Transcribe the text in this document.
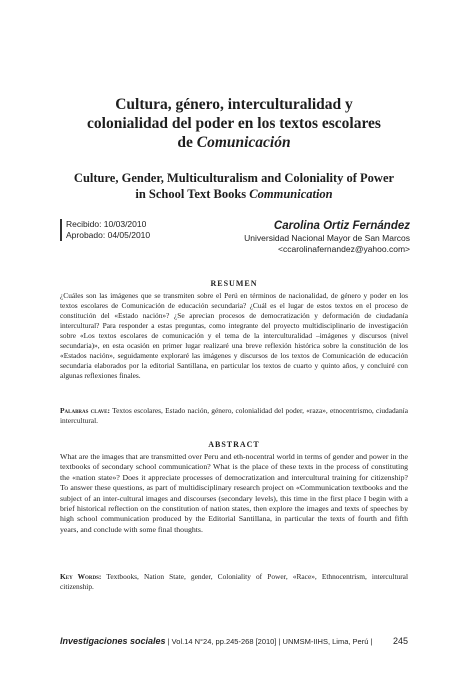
Cultura, género, interculturalidad y
colonialidad del poder en los textos escolares
de Comunicación
Culture, Gender, Multiculturalism and Coloniality of Power
in School Text Books Communication
Recibido: 10/03/2010
Aprobado: 04/05/2010
Carolina Ortiz Fernández
Universidad Nacional Mayor de San Marcos
<ccarolinafernandez@yahoo.com>
RESUMEN
¿Cuáles son las imágenes que se transmiten sobre el Perú en términos de nacionalidad, de género y poder en los textos escolares de Comunicación de educación secundaria? ¿Cuál es el lugar de estos textos en el proceso de constitución del «Estado nación»? ¿Se aprecian procesos de democratización y deformación de ciudadanía intercultural? Para responder a estas preguntas, como integrante del proyecto multidisciplinario de investigación sobre «Los textos escolares de comunicación y el tema de la interculturalidad –imágenes y discursos (nivel secundaria)», en esta ocasión en primer lugar realizaré una breve reflexión histórica sobre la constitución de los «Estados nación», seguidamente exploraré las imágenes y discursos de los textos de Comunicación de educación secundaria elaborados por la editorial Santillana, en particular los textos de cuarto y quinto años, y concluiré con algunas reflexiones finales.
Palabras clave: Textos escolares, Estado nación, género, colonialidad del poder, «raza», etnocentrismo, ciudadanía intercultural.
ABSTRACT
What are the images that are transmitted over Peru and eth-nocentral world in terms of gender and power in the textbooks of secondary school communication? What is the place of these texts in the process of constituting the «nation state»? Does it appreciate processes of democratization and intercultural training for citizenship? To answer these questions, as part of multidisciplinary research project on «Communication textbooks and the subject of an inter-cultural images and discourses (secondary levels), this time in the first place I begin with a brief historical reflection on the constitution of nation states, then explore the images and texts of speeches by high school communication produced by the Editorial Santillana, in particular the texts of fourth and fifth years, and conclude with some final thoughts.
Key Words: Textbooks, Nation State, gender, Coloniality of Power, «Race», Ethnocentrism, intercultural citizenship.
Investigaciones sociales | Vol.14 N°24, pp.245-268 [2010] | UNMSM-IIHS, Lima, Perú | 245
